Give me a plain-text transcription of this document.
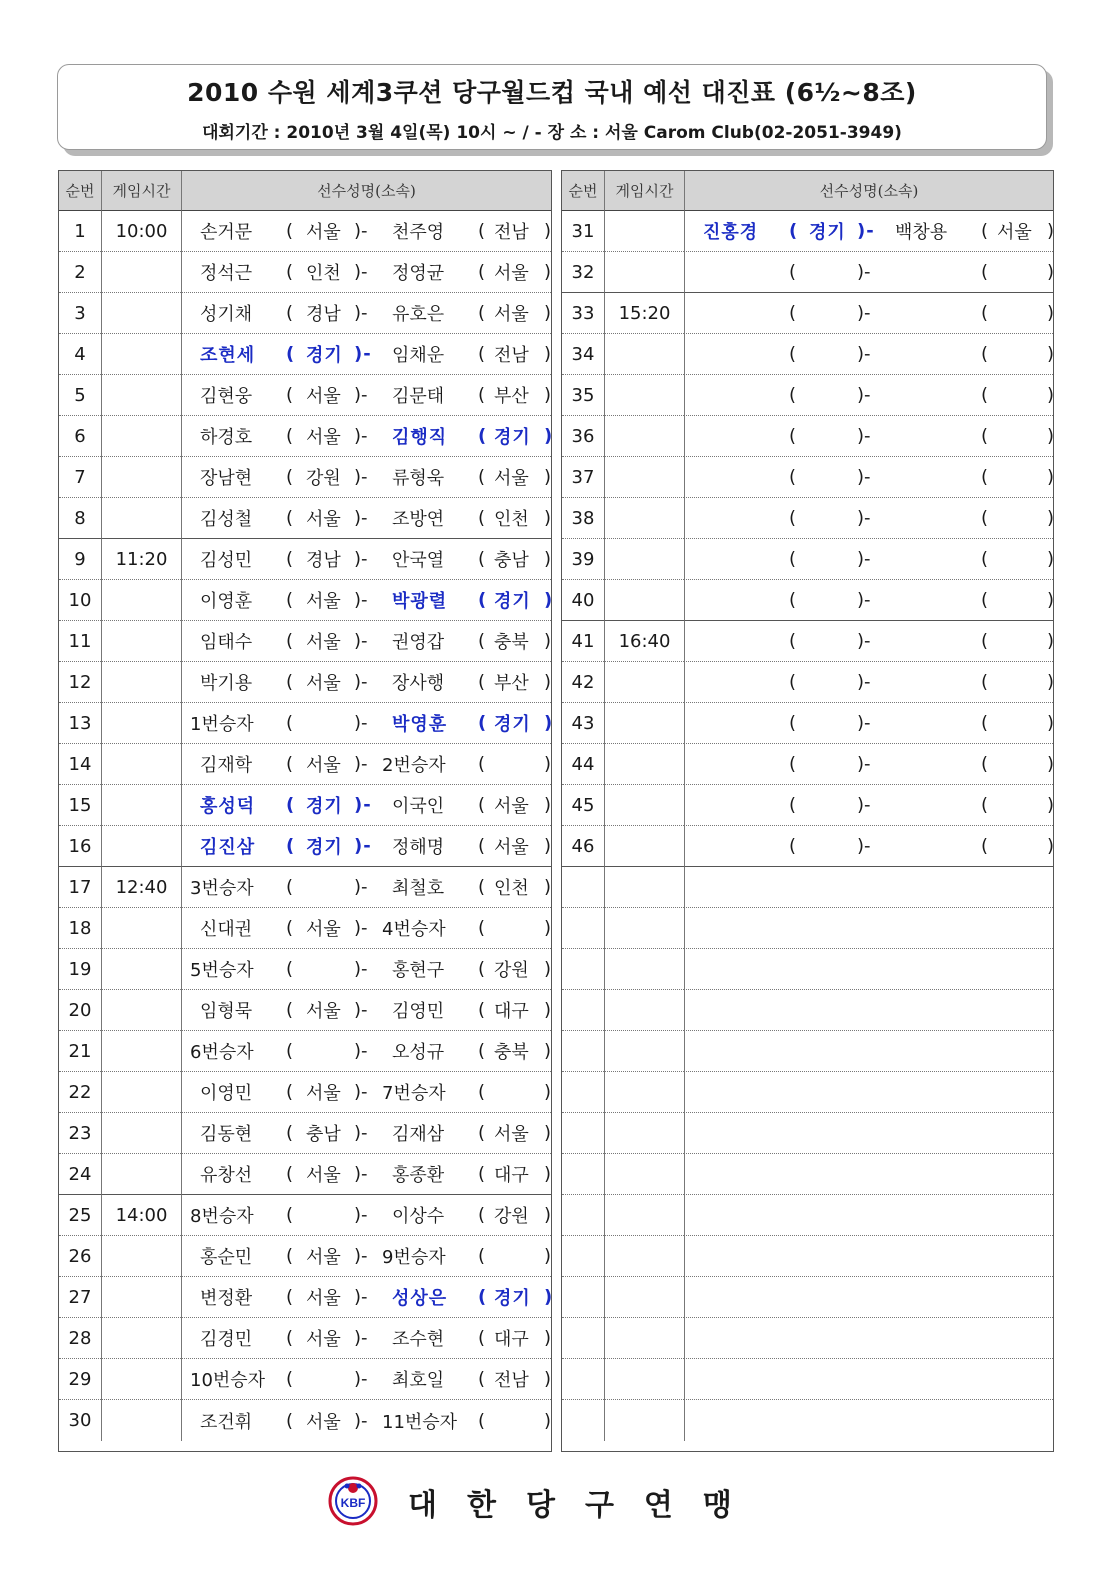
2010 수원 세계3쿠션 당구월드컵 국내 예선 대진표 (6½~8조)
대회기간 : 2010년 3월 4일(목) 10시 ~ / - 장 소 : 서울 Carom Club(02-2051-3949)
순번	게임시간	선수성명(소속)
1	10:00	손거문 ( 서울 )- 천주영 ( 전남 )
2	정석근 ( 인천 )- 정영균 ( 서울 )
3	성기채 ( 경남 )- 유호은 ( 서울 )
4	조현세 ( 경기 )- 임채운 ( 전남 )
5	김현웅 ( 서울 )- 김문태 ( 부산 )
6	하경호 ( 서울 )- 김행직 ( 경기 )
7	장남현 ( 강원 )- 류형욱 ( 서울 )
8	김성철 ( 서울 )- 조방연 ( 인천 )
9	11:20	김성민 ( 경남 )- 안국열 ( 충남 )
10	이영훈 ( 서울 )- 박광렬 ( 경기 )
11	임태수 ( 서울 )- 권영갑 ( 충북 )
12	박기용 ( 서울 )- 장사행 ( 부산 )
13	1번승자 (	)- 박영훈 ( 경기 )
14	김재학 ( 서울 )- 2번승자 (	)
15	홍성덕 ( 경기 )- 이국인 ( 서울 )
16	김진삼 ( 경기 )- 정해명 ( 서울 )
17	12:40	3번승자 (	)- 최철호 ( 인천 )
18	신대권 ( 서울 )- 4번승자 (	)
19	5번승자 (	)- 홍현구 ( 강원 )
20	임형묵 ( 서울 )- 김영민 ( 대구 )
21	6번승자 (	)- 오성규 ( 충북 )
22	이영민 ( 서울 )- 7번승자 (	)
23	김동현 ( 충남 )- 김재삼 ( 서울 )
24	유창선 ( 서울 )- 홍종환 ( 대구 )
25	14:00	8번승자 (	)- 이상수 ( 강원 )
26	홍순민 ( 서울 )- 9번승자 (	)
27	변정환 ( 서울 )- 성상은 ( 경기 )
28	김경민 ( 서울 )- 조수현 ( 대구 )
29	10번승자 (	)- 최호일 ( 전남 )
30	조건휘 ( 서울 )- 11번승자 (	)
순번	게임시간	선수성명(소속)
31	진홍경 ( 경기 )- 백창용 ( 서울 )
32	(	)-	(	)
33	15:20	(	)-	(	)
34	(	)-	(	)
35	(	)-	(	)
36	(	)-	(	)
37	(	)-	(	)
38	(	)-	(	)
39	(	)-	(	)
40	(	)-	(	)
41	16:40	(	)-	(	)
42	(	)-	(	)
43	(	)-	(	)
44	(	)-	(	)
45	(	)-	(	)
46	(	)-	(	)
KBF 대한당구연맹
